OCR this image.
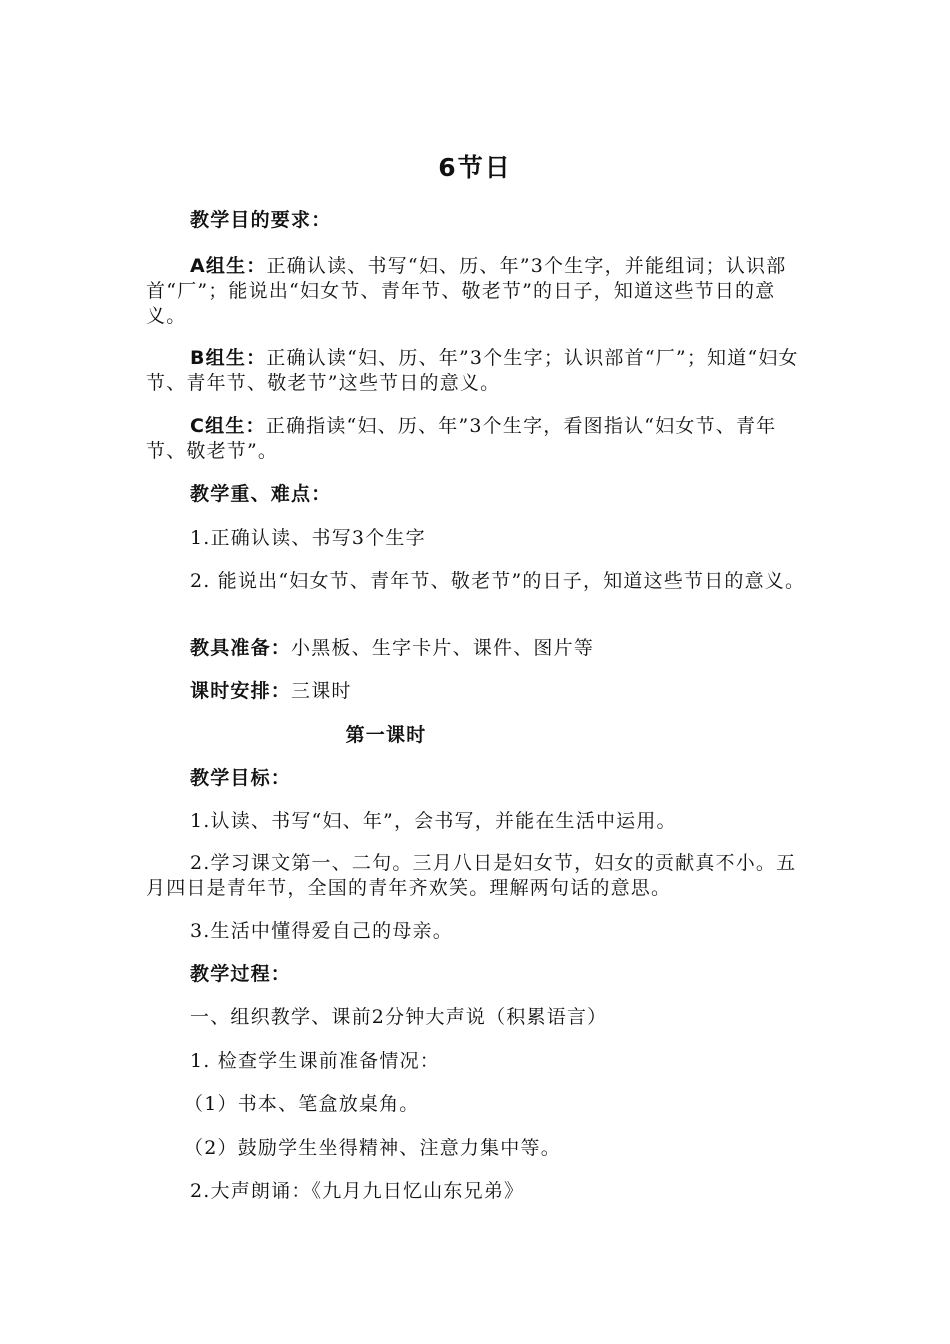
6节日
教学目的要求：
A组生：正确认读、书写“妇、历、年”3个生字，并能组词；认识部首“厂”；能说出“妇女节、青年节、敬老节”的日子，知道这些节日的意义。
B组生：正确认读“妇、历、年”3个生字；认识部首“厂”；知道“妇女节、青年节、敬老节”这些节日的意义。
C组生：正确指读“妇、历、年”3个生字，看图指认“妇女节、青年节、敬老节”。
教学重、难点：
1.正确认读、书写3个生字
2. 能说出“妇女节、青年节、敬老节”的日子，知道这些节日的意义。
教具准备：小黑板、生字卡片、课件、图片等
课时安排：三课时
第一课时
教学目标：
1.认读、书写“妇、年”，会书写，并能在生活中运用。
2.学习课文第一、二句。三月八日是妇女节，妇女的贡献真不小。五月四日是青年节，全国的青年齐欢笑。理解两句话的意思。
3.生活中懂得爱自己的母亲。
教学过程：
一、组织教学、课前2分钟大声说（积累语言）
1. 检查学生课前准备情况：
（1）书本、笔盒放桌角。
（2）鼓励学生坐得精神、注意力集中等。
2.大声朗诵：《九月九日忆山东兄弟》
